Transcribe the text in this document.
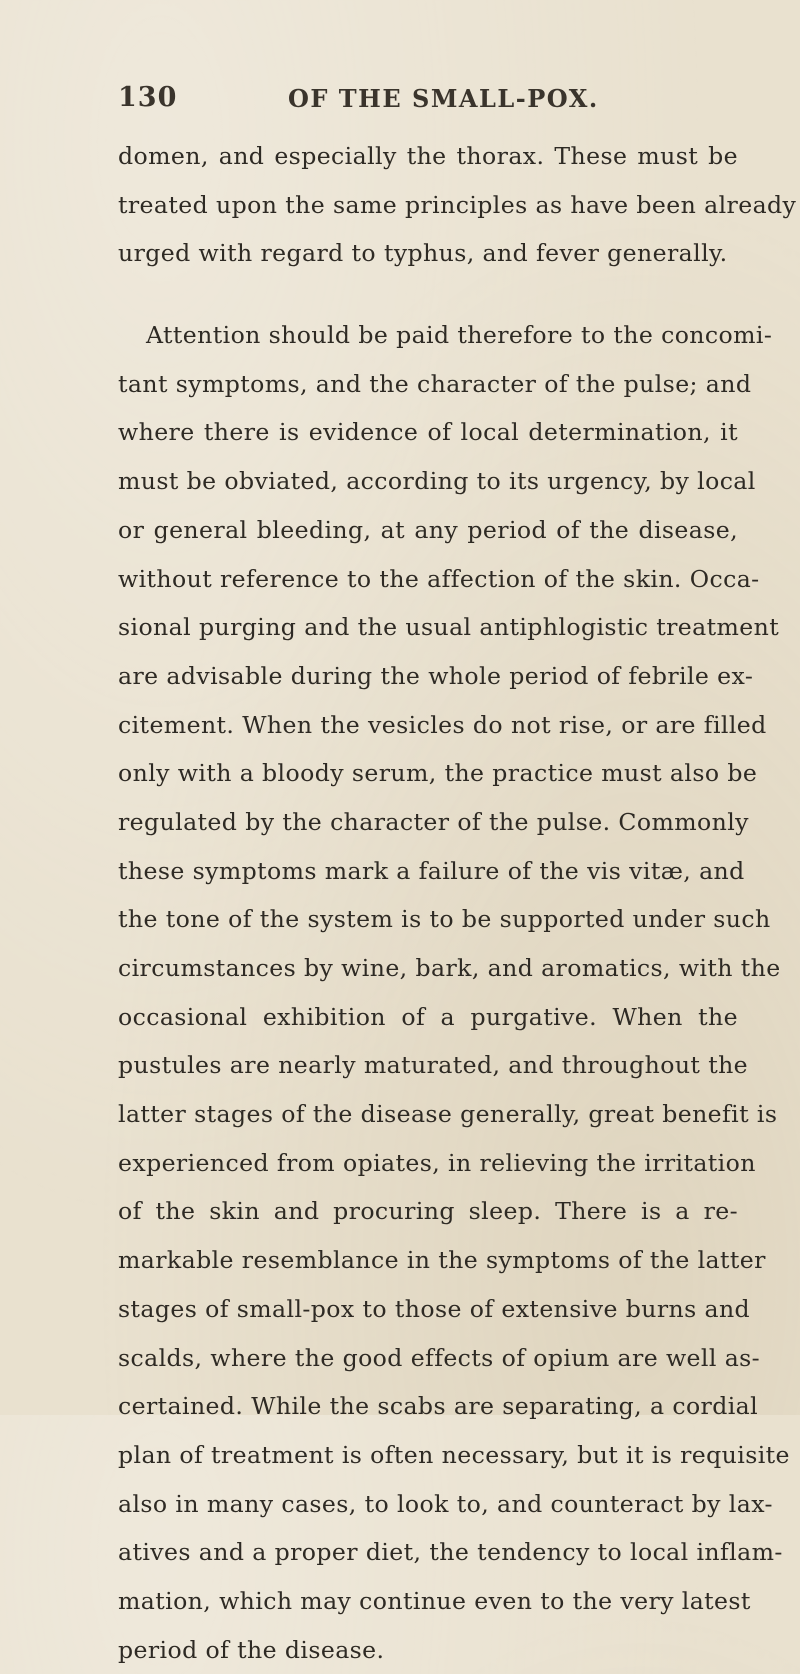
130	OF THE SMALL-POX.
domen, and especially the thorax. These must be
treated upon the same principles as have been already
urged with regard to typhus, and fever generally.
Attention should be paid therefore to the concomi-
tant symptoms, and the character of the pulse; and
where there is evidence of local determination, it
must be obviated, according to its urgency, by local
or general bleeding, at any period of the disease,
without reference to the affection of the skin. Occa-
sional purging and the usual antiphlogistic treatment
are advisable during the whole period of febrile ex-
citement. When the vesicles do not rise, or are filled
only with a bloody serum, the practice must also be
regulated by the character of the pulse. Commonly
these symptoms mark a failure of the vis vitæ, and
the tone of the system is to be supported under such
circumstances by wine, bark, and aromatics, with the
occasional exhibition of a purgative. When the
pustules are nearly maturated, and throughout the
latter stages of the disease generally, great benefit is
experienced from opiates, in relieving the irritation
of the skin and procuring sleep. There is a re-
markable resemblance in the symptoms of the latter
stages of small-pox to those of extensive burns and
scalds, where the good effects of opium are well as-
certained. While the scabs are separating, a cordial
plan of treatment is often necessary, but it is requisite
also in many cases, to look to, and counteract by lax-
atives and a proper diet, the tendency to local inflam-
mation, which may continue even to the very latest
period of the disease.
